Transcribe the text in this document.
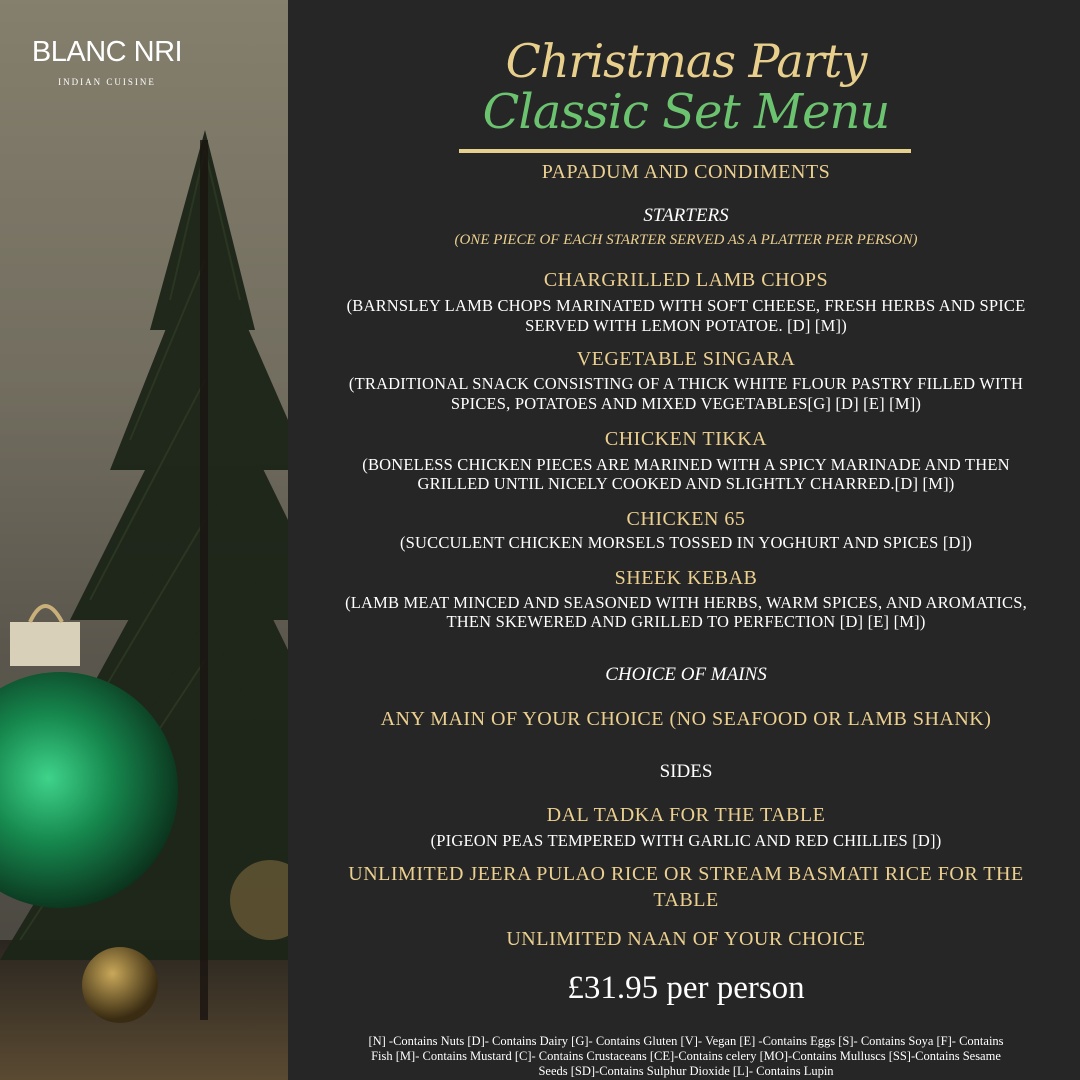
BLANC NRI
INDIAN CUISINE	Christmas Party
Classic Set Menu
PAPADUM AND CONDIMENTS
STARTERS
(ONE PIECE OF EACH STARTER SERVED AS A PLATTER PER PERSON)
CHARGRILLED LAMB CHOPS
(BARNSLEY LAMB CHOPS MARINATED WITH SOFT CHEESE, FRESH HERBS AND SPICE
SERVED WITH LEMON POTATOE. [D] [M])
VEGETABLE SINGARA
(TRADITIONAL SNACK CONSISTING OF A THICK WHITE FLOUR PASTRY FILLED WITH
SPICES, POTATOES AND MIXED VEGETABLES[G] [D] [E] [M])
CHICKEN TIKKA
(BONELESS CHICKEN PIECES ARE MARINED WITH A SPICY MARINADE AND THEN
GRILLED UNTIL NICELY COOKED AND SLIGHTLY CHARRED.[D] [M])
CHICKEN 65
(SUCCULENT CHICKEN MORSELS TOSSED IN YOGHURT AND SPICES [D])
SHEEK KEBAB
(LAMB MEAT MINCED AND SEASONED WITH HERBS, WARM SPICES, AND AROMATICS,
THEN SKEWERED AND GRILLED TO PERFECTION [D] [E] [M])
CHOICE OF MAINS
ANY MAIN OF YOUR CHOICE (NO SEAFOOD OR LAMB SHANK)
SIDES
DAL TADKA FOR THE TABLE
(PIGEON PEAS TEMPERED WITH GARLIC AND RED CHILLIES [D])
UNLIMITED JEERA PULAO RICE OR STREAM BASMATI RICE FOR THE
TABLE
UNLIMITED NAAN OF YOUR CHOICE
£31.95 per person
[N] -Contains Nuts [D]- Contains Dairy [G]- Contains Gluten [V]- Vegan [E] -Contains Eggs [S]- Contains Soya [F]- Contains
Fish [M]- Contains Mustard [C]- Contains Crustaceans [CE]-Contains celery [MO]-Contains Mulluscs [SS]-Contains Sesame
Seeds [SD]-Contains Sulphur Dioxide [L]- Contains Lupin
